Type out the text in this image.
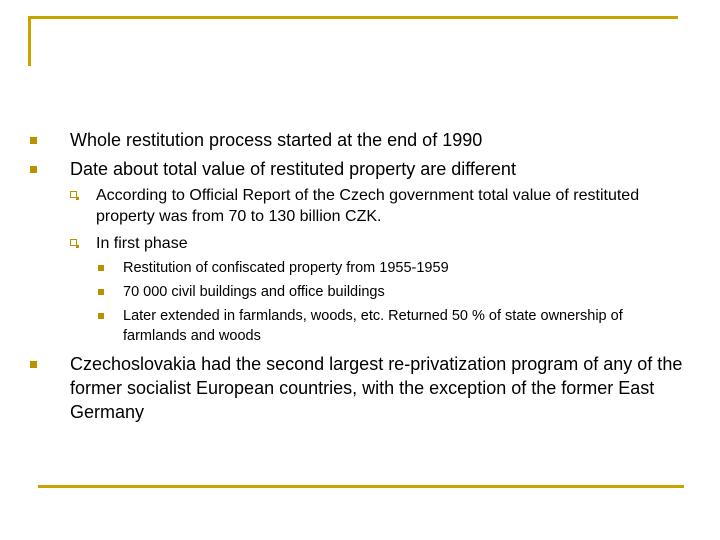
Whole restitution process started at the end of 1990
Date about total value of restituted property are different
According to Official Report of the Czech government total value of restituted property was from 70 to 130 billion CZK.
In first phase
Restitution of confiscated property from 1955-1959
70 000 civil buildings and office buildings
Later extended in farmlands, woods, etc. Returned 50 % of state ownership of farmlands and woods
Czechoslovakia had the second largest re-privatization program of any of the former socialist European countries, with the exception of the former East Germany
